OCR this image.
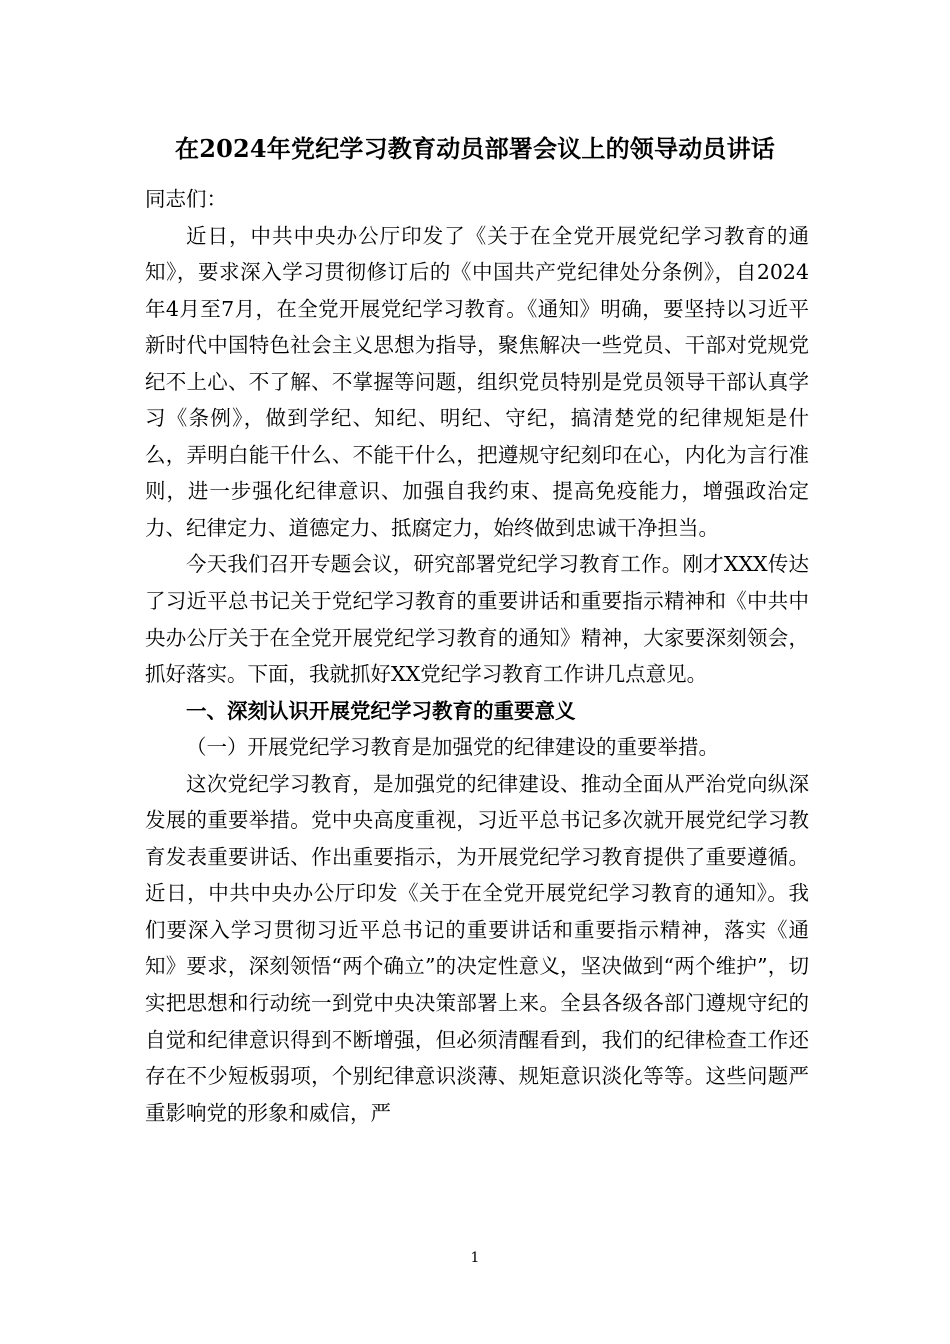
在2024年党纪学习教育动员部署会议上的领导动员讲话

同志们：

近日，中共中央办公厅印发了《关于在全党开展党纪学习教育的通知》，要求深入学习贯彻修订后的《中国共产党纪律处分条例》，自2024年4月至7月，在全党开展党纪学习教育。《通知》明确，要坚持以习近平新时代中国特色社会主义思想为指导，聚焦解决一些党员、干部对党规党纪不上心、不了解、不掌握等问题，组织党员特别是党员领导干部认真学习《条例》，做到学纪、知纪、明纪、守纪，搞清楚党的纪律规矩是什么，弄明白能干什么、不能干什么，把遵规守纪刻印在心，内化为言行准则，进一步强化纪律意识、加强自我约束、提高免疫能力，增强政治定力、纪律定力、道德定力、抵腐定力，始终做到忠诚干净担当。

今天我们召开专题会议，研究部署党纪学习教育工作。刚才XXX传达了习近平总书记关于党纪学习教育的重要讲话和重要指示精神和《中共中央办公厅关于在全党开展党纪学习教育的通知》精神，大家要深刻领会，抓好落实。下面，我就抓好XX党纪学习教育工作讲几点意见。

一、深刻认识开展党纪学习教育的重要意义

（一）开展党纪学习教育是加强党的纪律建设的重要举措。

这次党纪学习教育，是加强党的纪律建设、推动全面从严治党向纵深发展的重要举措。党中央高度重视，习近平总书记多次就开展党纪学习教育发表重要讲话、作出重要指示，为开展党纪学习教育提供了重要遵循。近日，中共中央办公厅印发《关于在全党开展党纪学习教育的通知》。我们要深入学习贯彻习近平总书记的重要讲话和重要指示精神，落实《通知》要求，深刻领悟“两个确立”的决定性意义，坚决做到“两个维护”，切实把思想和行动统一到党中央决策部署上来。全县各级各部门遵规守纪的自觉和纪律意识得到不断增强，但必须清醒看到，我们的纪律检查工作还存在不少短板弱项，个别纪律意识淡薄、规矩意识淡化等等。这些问题严重影响党的形象和威信，严

1
